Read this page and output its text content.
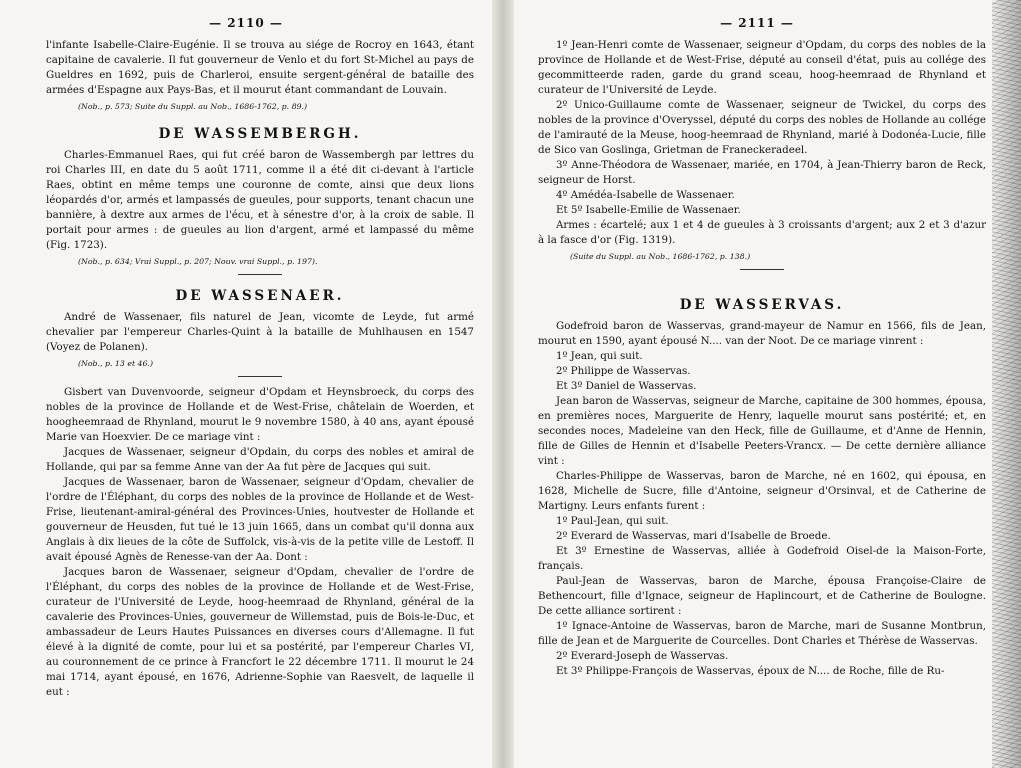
— 2110 —

l'infante Isabelle-Claire-Eugénie. Il se trouva au siége de Rocroy en 1643, étant capitaine de cavalerie. Il fut gouverneur de Venlo et du fort St-Michel au pays de Gueldres en 1692, puis de Charleroi, ensuite sergent-général de bataille des armées d'Espagne aux Pays-Bas, et il mourut étant commandant de Louvain.

(Nob., p. 573; Suite du Suppl. au Nob., 1686-1762, p. 89.)
DE WASSEMBERGH.

Charles-Emmanuel Raes, qui fut créé baron de Wassembergh par lettres du roi Charles III, en date du 5 août 1711, comme il a été dit ci-devant à l'article Raes, obtint en même temps une couronne de comte, ainsi que deux lions léopardés d'or, armés et lampassés de gueules, pour supports, tenant chacun une bannière, à dextre aux armes de l'écu, et à sénestre d'or, à la croix de sable. Il portait pour armes : de gueules au lion d'argent, armé et lampassé du même (Fig. 1723).

(Nob., p. 634; Vrai Suppl., p. 207; Nouv. vrai Suppl., p. 197).
DE WASSENAER.

André de Wassenaer, fils naturel de Jean, vicomte de Leyde, fut armé chevalier par l'empereur Charles-Quint à la bataille de Muhlhausen en 1547 (Voyez de Polanen).

(Nob., p. 13 et 46.)

Gisbert van Duvenvoorde, seigneur d'Opdam et Heynsbroeck, du corps des nobles de la province de Hollande et de West-Frise, châtelain de Woerden, et hoogheemraad de Rhynland, mourut le 9 novembre 1580, à 40 ans, ayant épousé Marie van Hoexvier. De ce mariage vint :

Jacques de Wassenaer, seigneur d'Opdain, du corps des nobles et amiral de Hollande, qui par sa femme Anne van der Aa fut père de Jacques qui suit.

Jacques de Wassenaer, baron de Wassenaer, seigneur d'Opdam, chevalier de l'ordre de l'Éléphant, du corps des nobles de la province de Hollande et de West-Frise, lieutenant-amiral-général des Provinces-Unies, houtvester de Hollande et gouverneur de Heusden, fut tué le 13 juin 1665, dans un combat qu'il donna aux Anglais à dix lieues de la côte de Suffolck, vis-à-vis de la petite ville de Lestoff. Il avait épousé Agnès de Renesse-van der Aa. Dont :

Jacques baron de Wassenaer, seigneur d'Opdam, chevalier de l'ordre de l'Éléphant, du corps des nobles de la province de Hollande et de West-Frise, curateur de l'Université de Leyde, hoog-heemraad de Rhynland, général de la cavalerie des Provinces-Unies, gouverneur de Willemstad, puis de Bois-le-Duc, et ambassadeur de Leurs Hautes Puissances en diverses cours d'Allemagne. Il fut élevé à la dignité de comte, pour lui et sa postérité, par l'empereur Charles VI, au couronnement de ce prince à Francfort le 22 décembre 1711. Il mourut le 24 mai 1714, ayant épousé, en 1676, Adrienne-Sophie van Raesvelt, de laquelle il eut :

— 2111 —

1º Jean-Henri comte de Wassenaer, seigneur d'Opdam, du corps des nobles de la province de Hollande et de West-Frise, député au conseil d'état, puis au collége des gecommitteerde raden, garde du grand sceau, hoog-heemraad de Rhynland et curateur de l'Université de Leyde.

2º Unico-Guillaume comte de Wassenaer, seigneur de Twickel, du corps des nobles de la province d'Overyssel, député du corps des nobles de Hollande au collége de l'amirauté de la Meuse, hoog-heemraad de Rhynland, marié à Dodonéa-Lucie, fille de Sico van Goslinga, Grietman de Franeckeradeel.

3º Anne-Théodora de Wassenaer, mariée, en 1704, à Jean-Thierry baron de Reck, seigneur de Horst.

4º Amédéa-Isabelle de Wassenaer.

Et 5º Isabelle-Emilie de Wassenaer.

Armes : écartelé; aux 1 et 4 de gueules à 3 croissants d'argent; aux 2 et 3 d'azur à la fasce d'or (Fig. 1319).

(Suite du Suppl. au Nob., 1686-1762, p. 138.)
DE WASSERVAS.

Godefroid baron de Wasservas, grand-mayeur de Namur en 1566, fils de Jean, mourut en 1590, ayant épousé N.... van der Noot. De ce mariage vinrent :

1º Jean, qui suit.

2º Philippe de Wasservas.

Et 3º Daniel de Wasservas.

Jean baron de Wasservas, seigneur de Marche, capitaine de 300 hommes, épousa, en premières noces, Marguerite de Henry, laquelle mourut sans postérité; et, en secondes noces, Madeleine van den Heck, fille de Guillaume, et d'Anne de Hennin, fille de Gilles de Hennin et d'Isabelle Peeters-Vrancx. — De cette dernière alliance vint :

Charles-Philippe de Wasservas, baron de Marche, né en 1602, qui épousa, en 1628, Michelle de Sucre, fille d'Antoine, seigneur d'Orsinval, et de Catherine de Martigny. Leurs enfants furent :

1º Paul-Jean, qui suit.

2º Everard de Wasservas, mari d'Isabelle de Broede.

Et 3º Ernestine de Wasservas, alliée à Godefroid Oisel-de la Maison-Forte, français.

Paul-Jean de Wasservas, baron de Marche, épousa Françoise-Claire de Bethencourt, fille d'Ignace, seigneur de Haplincourt, et de Catherine de Boulogne. De cette alliance sortirent :

1º Ignace-Antoine de Wasservas, baron de Marche, mari de Susanne Montbrun, fille de Jean et de Marguerite de Courcelles. Dont Charles et Thérèse de Wasservas.

2º Everard-Joseph de Wasservas.

Et 3º Philippe-François de Wasservas, époux de N.... de Roche, fille de Ru-
